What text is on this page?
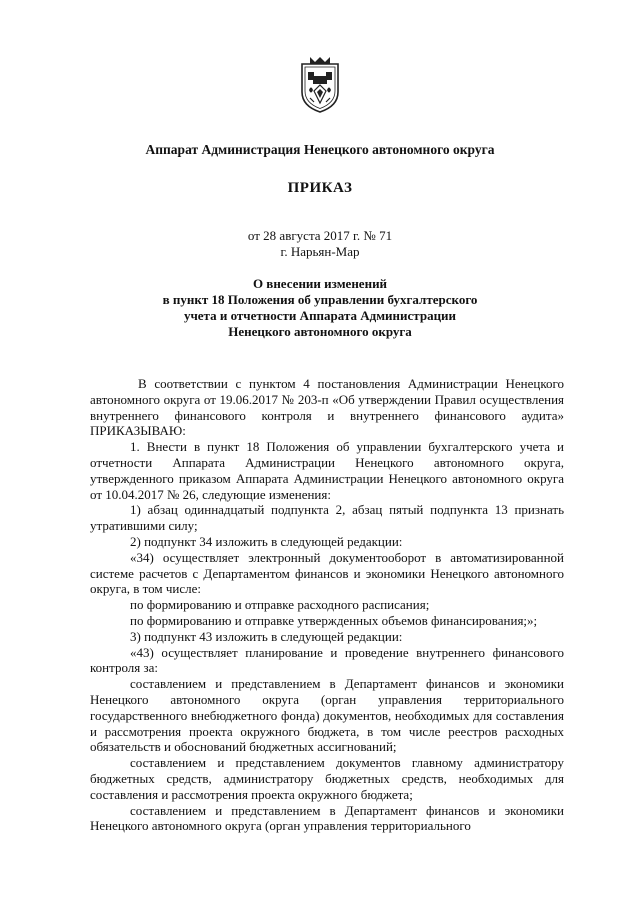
Аппарат Администрация Ненецкого автономного округа
ПРИКАЗ
от 28 августа 2017 г. № 71
г. Нарьян-Мар
О внесении изменений
в пункт 18 Положения об управлении бухгалтерского
учета и отчетности Аппарата Администрации
Ненецкого автономного округа

В соответствии с пунктом 4 постановления Администрации Ненецкого автономного округа от 19.06.2017 № 203-п «Об утверждении Правил осуществления внутреннего финансового контроля и внутреннего финансового аудита» ПРИКАЗЫВАЮ:

1. Внести в пункт 18 Положения об управлении бухгалтерского учета и отчетности Аппарата Администрации Ненецкого автономного округа, утвержденного приказом Аппарата Администрации Ненецкого автономного округа от 10.04.2017 № 26, следующие изменения:

1) абзац одиннадцатый подпункта 2, абзац пятый подпункта 13 признать утратившими силу;

2) подпункт 34 изложить в следующей редакции:

«34) осуществляет электронный документооборот в автоматизированной системе расчетов с Департаментом финансов и экономики Ненецкого автономного округа, в том числе:

по формированию и отправке расходного расписания;

по формированию и отправке утвержденных объемов финансирования;»;

3) подпункт 43 изложить в следующей редакции:

«43) осуществляет планирование и проведение внутреннего финансового контроля за:

составлением и представлением в Департамент финансов и экономики Ненецкого автономного округа (орган управления территориального государственного внебюджетного фонда) документов, необходимых для составления и рассмотрения проекта окружного бюджета, в том числе реестров расходных обязательств и обоснований бюджетных ассигнований;

составлением и представлением документов главному администратору бюджетных средств, администратору бюджетных средств, необходимых для составления и рассмотрения проекта окружного бюджета;

составлением и представлением в Департамент финансов и экономики Ненецкого автономного округа (орган управления территориального
